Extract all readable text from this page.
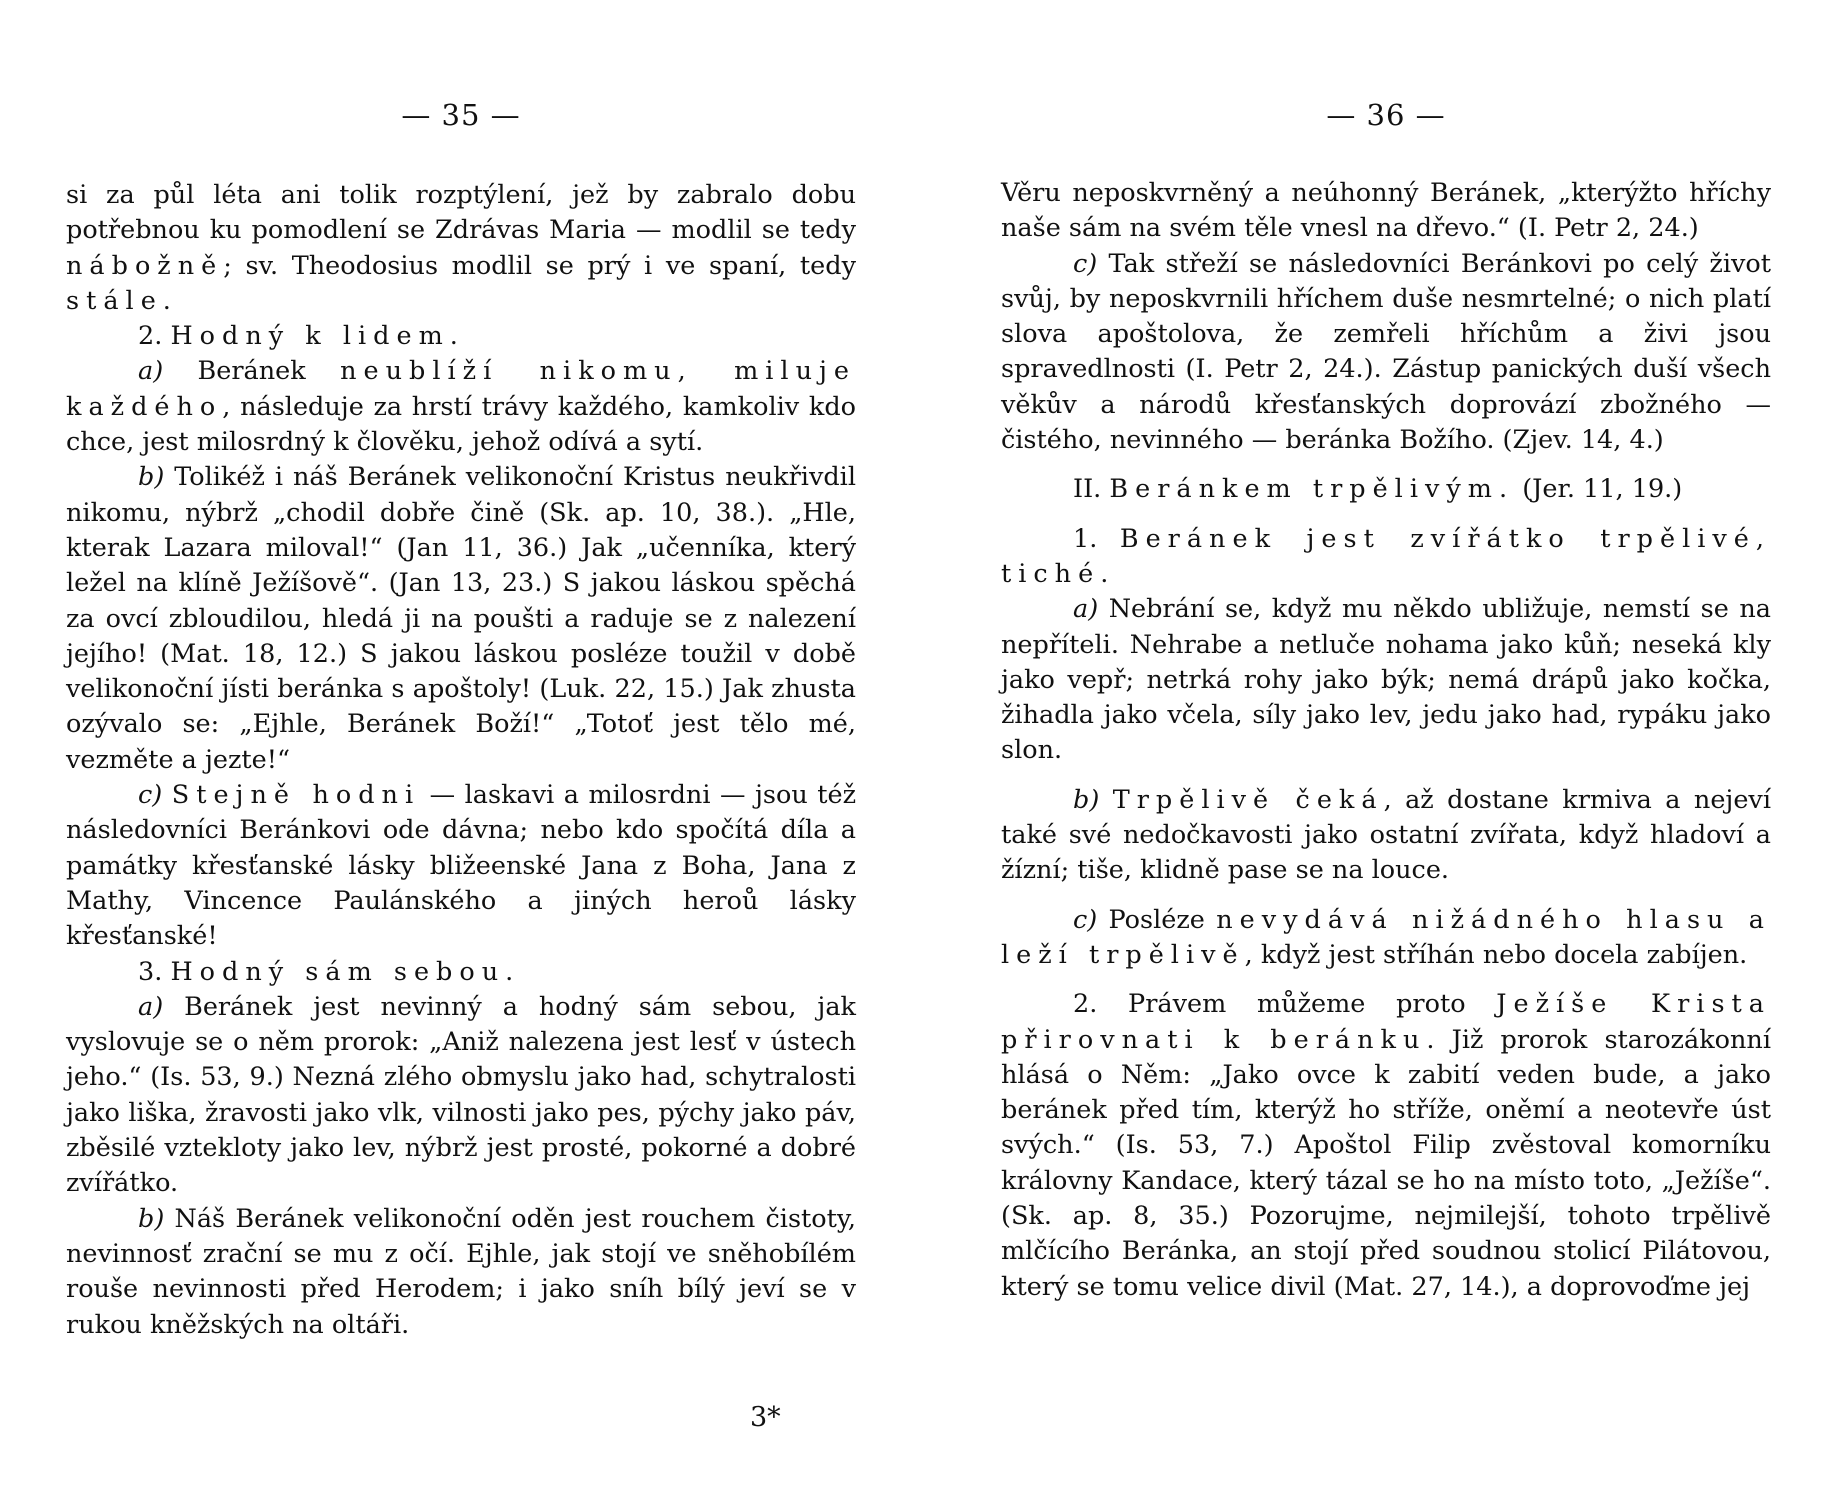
— 35 —

si za půl léta ani tolik rozptýlení, jež by zabralo dobu potřebnou ku pomodlení se Zdrávas Maria — modlil se tedy nábožně; sv. Theodosius modlil se prý i ve spaní, tedy stále.

2. Hodný k lidem.

a) Beránek neublíží nikomu, miluje každého, následuje za hrstí trávy každého, kamkoliv kdo chce, jest milosrdný k člověku, jehož odívá a sytí.

b) Tolikéž i náš Beránek velikonoční Kristus neukřivdil nikomu, nýbrž „chodil dobře čině (Sk. ap. 10, 38.). „Hle, kterak Lazara miloval!“ (Jan 11, 36.) Jak „učenníka, který ležel na klíně Ježíšově“. (Jan 13, 23.) S jakou láskou spěchá za ovcí zbloudilou, hledá ji na poušti a raduje se z nalezení jejího! (Mat. 18, 12.) S jakou láskou posléze toužil v době velikonoční jísti beránka s apoštoly! (Luk. 22, 15.) Jak zhusta ozývalo se: „Ejhle, Beránek Boží!“ „Totoť jest tělo mé, vezměte a jezte!“

c) Stejně hodni — laskavi a milosrdni — jsou též následovníci Beránkovi ode dávna; nebo kdo spočítá díla a památky křesťanské lásky bližeenské Jana z Boha, Jana z Mathy, Vincence Paulánského a jiných heroů lásky křesťanské!

3. Hodný sám sebou.

a) Beránek jest nevinný a hodný sám sebou, jak vyslovuje se o něm prorok: „Aniž nalezena jest lesť v ústech jeho.“ (Is. 53, 9.) Nezná zlého obmyslu jako had, schytralosti jako liška, žravosti jako vlk, vilnosti jako pes, pýchy jako páv, zběsilé vztekloty jako lev, nýbrž jest prosté, pokorné a dobré zvířátko.

b) Náš Beránek velikonoční oděn jest rouchem čistoty, nevinnosť zrační se mu z očí. Ejhle, jak stojí ve sněhobílém rouše nevinnosti před Herodem; i jako sníh bílý jeví se v rukou kněžských na oltáři.

3*
— 36 —

Věru neposkvrněný a neúhonný Beránek, „kterýžto hříchy naše sám na svém těle vnesl na dřevo.“ (I. Petr 2, 24.)

c) Tak střeží se následovníci Beránkovi po celý život svůj, by neposkvrnili hříchem duše nesmrtelné; o nich platí slova apoštolova, že zemřeli hříchům a živi jsou spravedlnosti (I. Petr 2, 24.). Zástup panických duší všech věkův a národů křesťanských doprovází zbožného — čistého, nevinného — beránka Božího. (Zjev. 14, 4.)

II. Beránkem trpělivým. (Jer. 11, 19.)

1. Beránek jest zvířátko trpělivé, tiché.

a) Nebrání se, když mu někdo ubližuje, nemstí se na nepříteli. Nehrabe a netluče nohama jako kůň; neseká kly jako vepř; netrká rohy jako býk; nemá drápů jako kočka, žihadla jako včela, síly jako lev, jedu jako had, rypáku jako slon.

b) Trpělivě čeká, až dostane krmiva a nejeví také své nedočkavosti jako ostatní zvířata, když hladoví a žízní; tiše, klidně pase se na louce.

c) Posléze nevydává nižádného hlasu a leží trpělivě, když jest stříhán nebo docela zabíjen.

2. Právem můžeme proto Ježíše Krista přirovnati k beránku. Již prorok starozákonní hlásá o Něm: „Jako ovce k zabití veden bude, a jako beránek před tím, kterýž ho stříže, oněmí a neotevře úst svých.“ (Is. 53, 7.) Apoštol Filip zvěstoval komorníku královny Kandace, který tázal se ho na místo toto, „Ježíše“. (Sk. ap. 8, 35.) Pozorujme, nejmilejší, tohoto trpělivě mlčícího Beránka, an stojí před soudnou stolicí Pilátovou, který se tomu velice divil (Mat. 27, 14.), a doprovoďme jej
